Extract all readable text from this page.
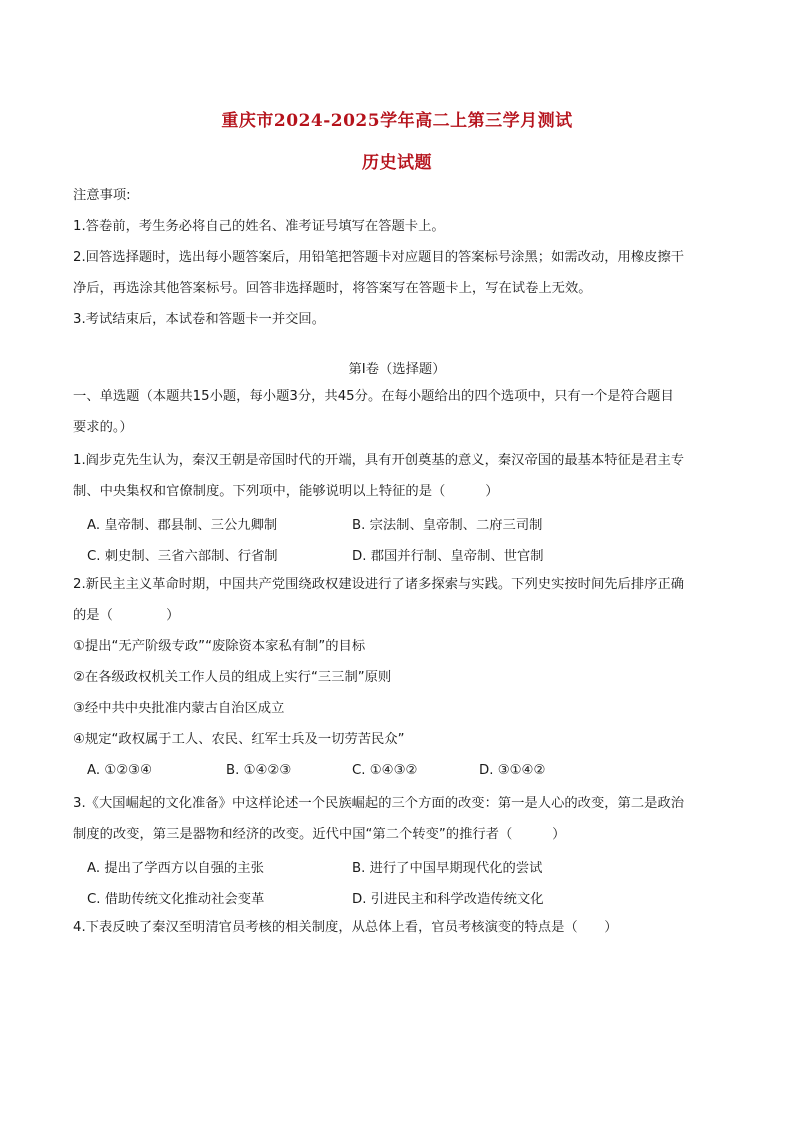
重庆市2024-2025学年高二上第三学月测试
历史试题
注意事项:
1.答卷前，考生务必将自己的姓名、准考证号填写在答题卡上。
2.回答选择题时，选出每小题答案后，用铅笔把答题卡对应题目的答案标号涂黑；如需改动，用橡皮擦干
净后，再选涂其他答案标号。回答非选择题时，将答案写在答题卡上，写在试卷上无效。
3.考试结束后，本试卷和答题卡一并交回。
第Ⅰ卷（选择题）
一、单选题（本题共15小题，每小题3分，共45分。在每小题给出的四个选项中，只有一个是符合题目
要求的。）
1.阎步克先生认为，秦汉王朝是帝国时代的开端，具有开创奠基的意义，秦汉帝国的最基本特征是君主专
制、中央集权和官僚制度。下列项中，能够说明以上特征的是（　　　）
A. 皇帝制、郡县制、三公九卿制	B. 宗法制、皇帝制、二府三司制
C. 刺史制、三省六部制、行省制	D. 郡国并行制、皇帝制、世官制
2.新民主主义革命时期，中国共产党围绕政权建设进行了诸多探索与实践。下列史实按时间先后排序正确
的是（　　　　）
①提出“无产阶级专政”“废除资本家私有制”的目标
②在各级政权机关工作人员的组成上实行“三三制”原则
③经中共中央批准内蒙古自治区成立
④规定“政权属于工人、农民、红军士兵及一切劳苦民众”
A. ①②③④	B. ①④②③	C. ①④③②	D. ③①④②
3.《大国崛起的文化准备》中这样论述一个民族崛起的三个方面的改变：第一是人心的改变，第二是政治
制度的改变，第三是器物和经济的改变。近代中国“第二个转变”的推行者（　　　）
A. 提出了学西方以自强的主张	B. 进行了中国早期现代化的尝试
C. 借助传统文化推动社会变革	D. 引进民主和科学改造传统文化
4.下表反映了秦汉至明清官员考核的相关制度，从总体上看，官员考核演变的特点是（　　）
